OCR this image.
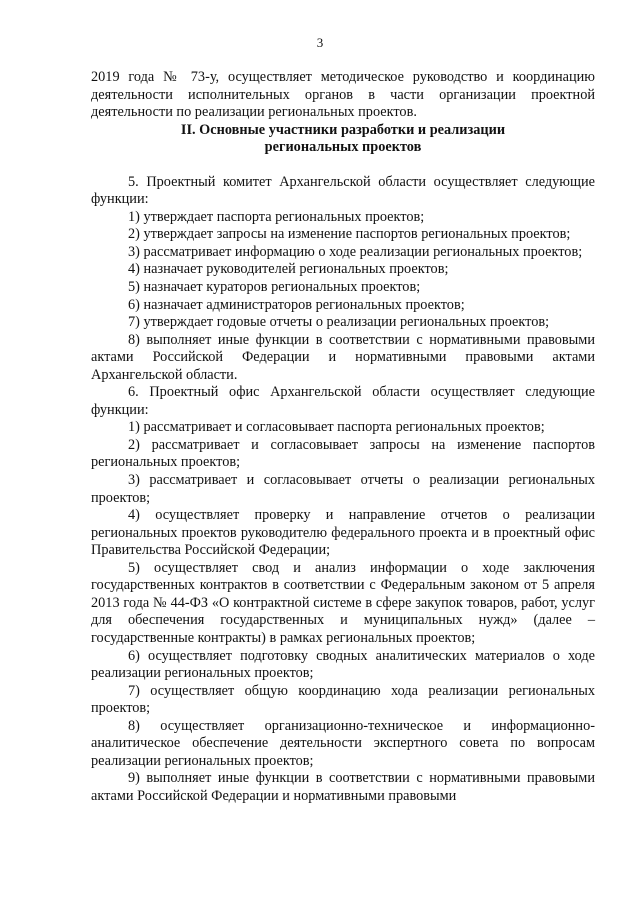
3

2019 года № 73-у, осуществляет методическое руководство и координацию деятельности исполнительных органов в части организации проектной деятельности по реализации региональных проектов.

II. Основные участники разработки и реализации
региональных проектов

5. Проектный комитет Архангельской области осуществляет следующие функции:

1) утверждает паспорта региональных проектов;

2) утверждает запросы на изменение паспортов региональных проектов;

3) рассматривает информацию о ходе реализации региональных проектов;

4) назначает руководителей региональных проектов;

5) назначает кураторов региональных проектов;

6) назначает администраторов региональных проектов;

7) утверждает годовые отчеты о реализации региональных проектов;

8) выполняет иные функции в соответствии с нормативными правовыми актами Российской Федерации и нормативными правовыми актами Архангельской области.

6. Проектный офис Архангельской области осуществляет следующие функции:

1) рассматривает и согласовывает паспорта региональных проектов;

2) рассматривает и согласовывает запросы на изменение паспортов региональных проектов;

3) рассматривает и согласовывает отчеты о реализации региональных проектов;

4) осуществляет проверку и направление отчетов о реализации региональных проектов руководителю федерального проекта и в проектный офис Правительства Российской Федерации;

5) осуществляет свод и анализ информации о ходе заключения государственных контрактов в соответствии с Федеральным законом от 5 апреля 2013 года № 44-ФЗ «О контрактной системе в сфере закупок товаров, работ, услуг для обеспечения государственных и муниципальных нужд» (далее – государственные контракты) в рамках региональных проектов;

6) осуществляет подготовку сводных аналитических материалов о ходе реализации региональных проектов;

7) осуществляет общую координацию хода реализации региональных проектов;

8) осуществляет организационно-техническое и информационно-аналитическое обеспечение деятельности экспертного совета по вопросам реализации региональных проектов;

9) выполняет иные функции в соответствии с нормативными правовыми актами Российской Федерации и нормативными правовыми
